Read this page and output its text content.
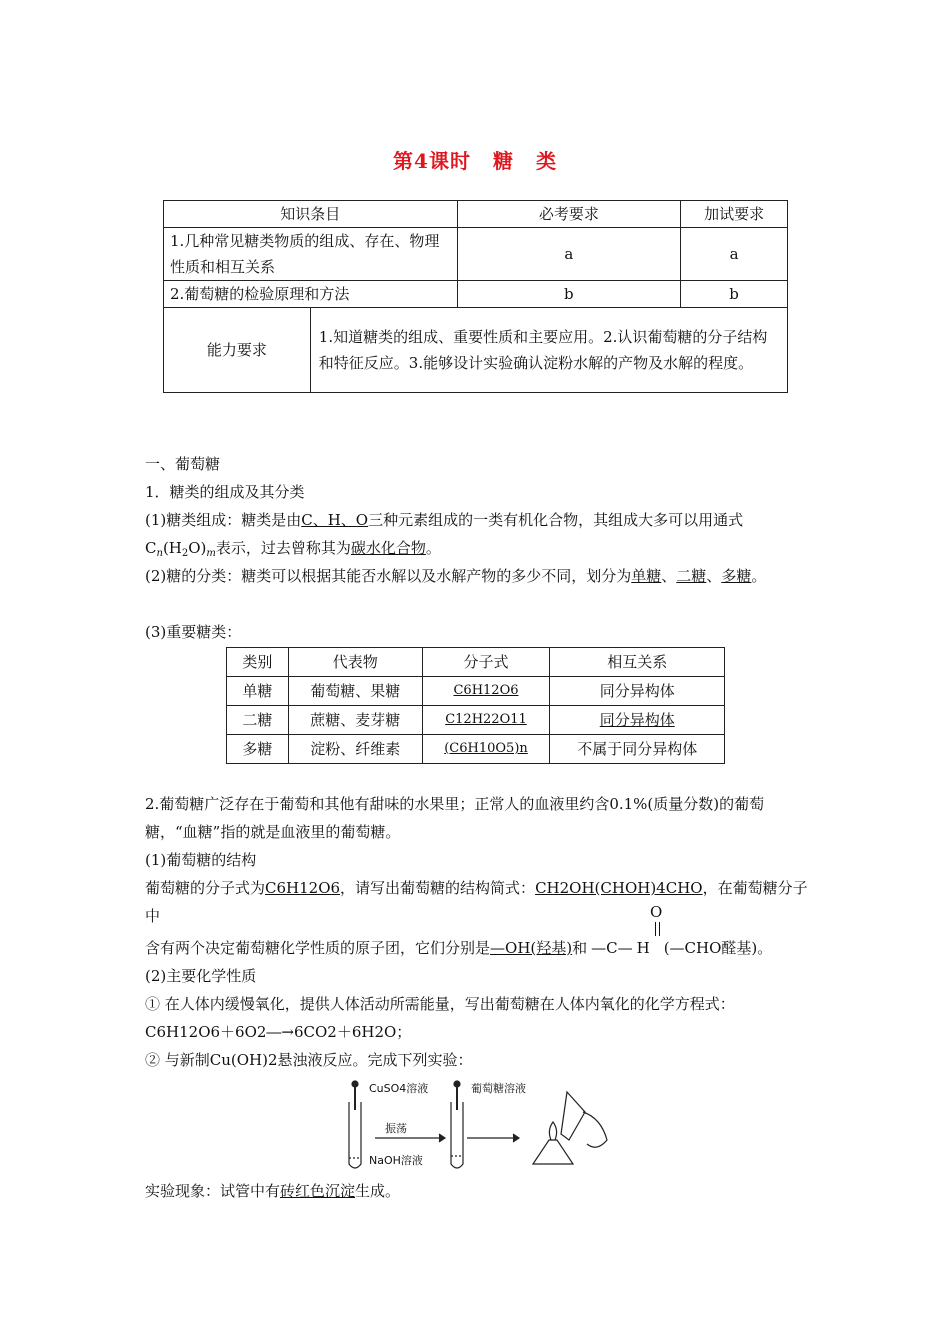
第4课时 糖 类
知识条目		必考要求	加试要求
1.几种常见糖类物质的组成、存在、物理性质和相互关系		a	a
2.葡萄糖的检验原理和方法		b	b
能力要求	1.知道糖类的组成、重要性质和主要应用。2.认识葡萄糖的分子结构和特征反应。3.能够设计实验确认淀粉水解的产物及水解的程度。		
一、葡萄糖
1．糖类的组成及其分类
(1)糖类组成：糖类是由C、H、O三种元素组成的一类有机化合物，其组成大多可以用通式$C_n(H_2O)_m$表示，过去曾称其为碳水化合物。
(2)糖的分类：糖类可以根据其能否水解以及水解产物的多少不同，划分为单糖、二糖、多糖。
(3)重要糖类：
类别	代表物	分子式	相互关系
单糖	葡萄糖、果糖	C6H12O6	同分异构体
二糖	蔗糖、麦芽糖	C12H22O11	同分异构体
多糖	淀粉、纤维素	(C6H10O5)n	不属于同分异构体
2.葡萄糖广泛存在于葡萄和其他有甜味的水果里；正常人的血液里约含0.1%(质量分数)的葡萄糖，“血糖”指的就是血液里的葡萄糖。
(1)葡萄糖的结构
葡萄糖的分子式为C6H12O6，请写出葡萄糖的结构简式：CH2OH(CHOH)4CHO，在葡萄糖分子中	O
含有两个决定葡萄糖化学性质的原子团，它们分别是—OH(羟基)和 —C— H (—CHO醛基)。
(2)主要化学性质
① 在人体内缓慢氧化，提供人体活动所需能量，写出葡萄糖在人体内氧化的化学方程式：
C6H12O6＋6O2―→6CO2＋6H2O；
② 与新制Cu(OH)2悬浊液反应。完成下列实验：
CuSO4溶液
振荡
NaOH溶液
葡萄糖溶液
实验现象：试管中有砖红色沉淀生成。
